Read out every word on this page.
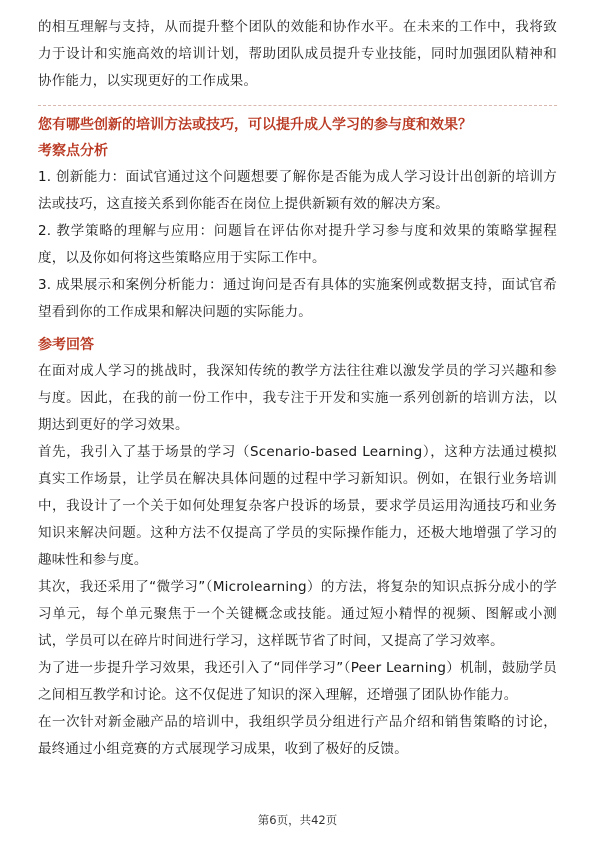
的相互理解与支持，从而提升整个团队的效能和协作水平。在未来的工作中，我将致力于设计和实施高效的培训计划，帮助团队成员提升专业技能，同时加强团队精神和协作能力，以实现更好的工作成果。

您有哪些创新的培训方法或技巧，可以提升成人学习的参与度和效果？

考察点分析

1. 创新能力：面试官通过这个问题想要了解你是否能为成人学习设计出创新的培训方法或技巧，这直接关系到你能否在岗位上提供新颖有效的解决方案。

2. 教学策略的理解与应用：问题旨在评估你对提升学习参与度和效果的策略掌握程度，以及你如何将这些策略应用于实际工作中。

3. 成果展示和案例分析能力：通过询问是否有具体的实施案例或数据支持，面试官希望看到你的工作成果和解决问题的实际能力。

参考回答

在面对成人学习的挑战时，我深知传统的教学方法往往难以激发学员的学习兴趣和参与度。因此，在我的前一份工作中，我专注于开发和实施一系列创新的培训方法，以期达到更好的学习效果。

首先，我引入了基于场景的学习（Scenario-based Learning），这种方法通过模拟真实工作场景，让学员在解决具体问题的过程中学习新知识。例如，在银行业务培训中，我设计了一个关于如何处理复杂客户投诉的场景，要求学员运用沟通技巧和业务知识来解决问题。这种方法不仅提高了学员的实际操作能力，还极大地增强了学习的趣味性和参与度。

其次，我还采用了“微学习”（Microlearning）的方法，将复杂的知识点拆分成小的学习单元，每个单元聚焦于一个关键概念或技能。通过短小精悍的视频、图解或小测试，学员可以在碎片时间进行学习，这样既节省了时间，又提高了学习效率。

为了进一步提升学习效果，我还引入了“同伴学习”（Peer Learning）机制，鼓励学员之间相互教学和讨论。这不仅促进了知识的深入理解，还增强了团队协作能力。

在一次针对新金融产品的培训中，我组织学员分组进行产品介绍和销售策略的讨论，最终通过小组竞赛的方式展现学习成果，收到了极好的反馈。

第6页，共42页
